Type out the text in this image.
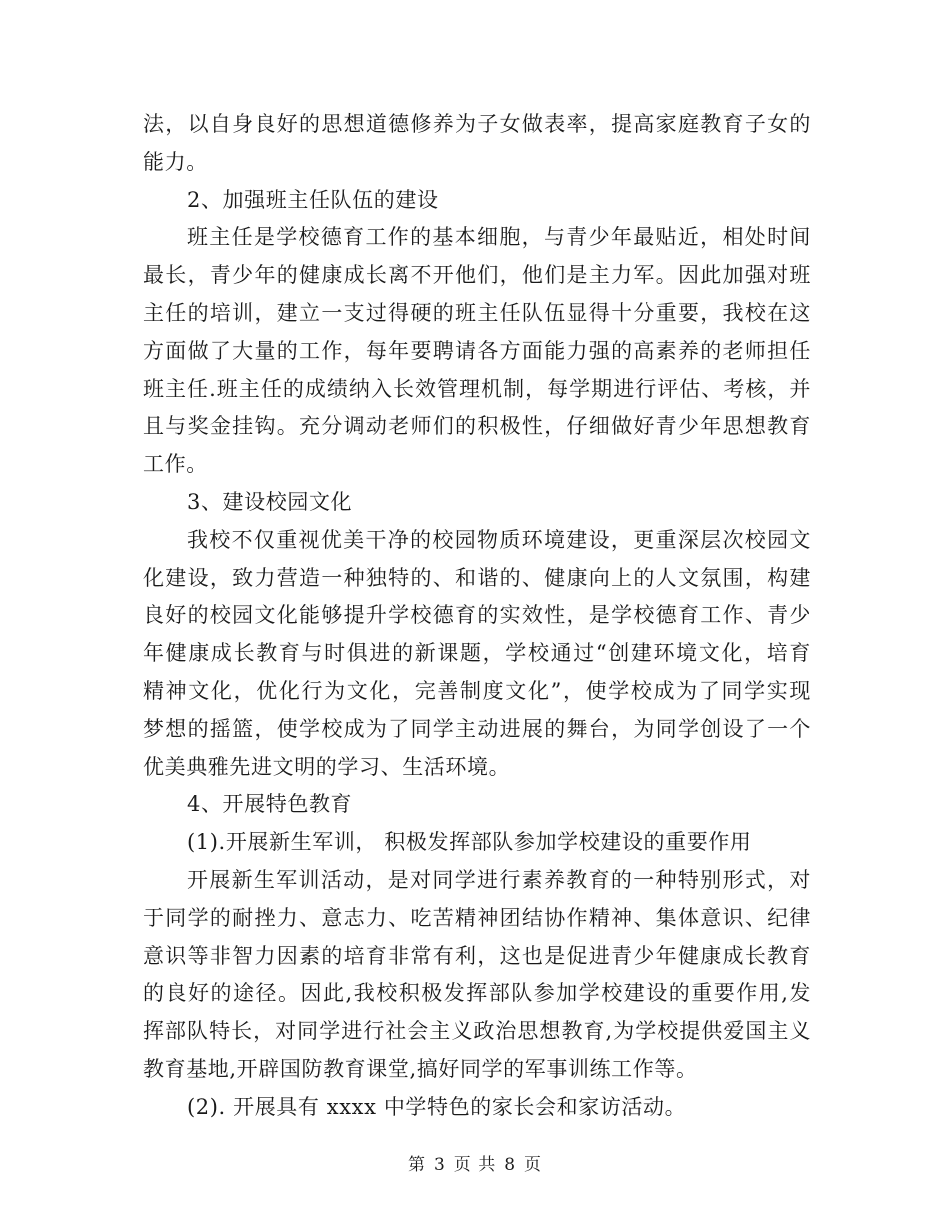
法，以自身良好的思想道德修养为子女做表率，提高家庭教育子女的
能力。
2、加强班主任队伍的建设
班主任是学校德育工作的基本细胞，与青少年最贴近，相处时间
最长，青少年的健康成长离不开他们，他们是主力军。因此加强对班
主任的培训，建立一支过得硬的班主任队伍显得十分重要，我校在这
方面做了大量的工作，每年要聘请各方面能力强的高素养的老师担任
班主任.班主任的成绩纳入长效管理机制，每学期进行评估、考核，并
且与奖金挂钩。充分调动老师们的积极性，仔细做好青少年思想教育
工作。
3、建设校园文化
我校不仅重视优美干净的校园物质环境建设，更重深层次校园文
化建设，致力营造一种独特的、和谐的、健康向上的人文氛围，构建
良好的校园文化能够提升学校德育的实效性，是学校德育工作、青少
年健康成长教育与时俱进的新课题，学校通过“创建环境文化，培育
精神文化，优化行为文化，完善制度文化”，使学校成为了同学实现
梦想的摇篮，使学校成为了同学主动进展的舞台，为同学创设了一个
优美典雅先进文明的学习、生活环境。
4、开展特色教育
(1).开展新生军训， 积极发挥部队参加学校建设的重要作用
开展新生军训活动，是对同学进行素养教育的一种特别形式，对
于同学的耐挫力、意志力、吃苦精神团结协作精神、集体意识、纪律
意识等非智力因素的培育非常有利，这也是促进青少年健康成长教育
的良好的途径。因此,我校积极发挥部队参加学校建设的重要作用,发
挥部队特长，对同学进行社会主义政治思想教育,为学校提供爱国主义
教育基地,开辟国防教育课堂,搞好同学的军事训练工作等。
(2). 开展具有 xxxx 中学特色的家长会和家访活动。
第 3 页 共 8 页
